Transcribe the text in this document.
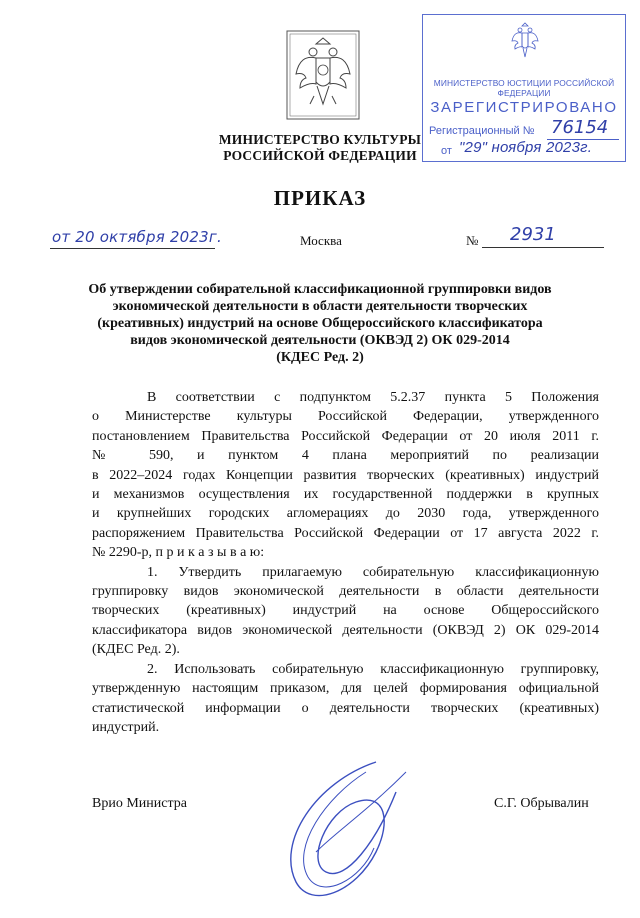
МИНИСТЕРСТВО КУЛЬТУРЫ
РОССИЙСКОЙ ФЕДЕРАЦИИ
МИНИСТЕРСТВО ЮСТИЦИИ РОССИЙСКОЙ ФЕДЕРАЦИИ
ЗАРЕГИСТРИРОВАНО
Регистрационный № 76154
от "29" ноября 2023г.
ПРИКАЗ
от 20 октября 2023г.	Москва	№ 2931
Об утверждении собирательной классификационной группировки видов
экономической деятельности в области деятельности творческих
(креативных) индустрий на основе Общероссийского классификатора
видов экономической деятельности (ОКВЭД 2) ОК 029-2014
(КДЕС Ред. 2)
В соответствии с подпунктом 5.2.37 пункта 5 Положения
о Министерстве культуры Российской Федерации, утвержденного
постановлением Правительства Российской Федерации от 20 июля 2011 г.
№ 590, и пунктом 4 плана мероприятий по реализации
в 2022–2024 годах Концепции развития творческих (креативных) индустрий
и механизмов осуществления их государственной поддержки в крупных
и крупнейших городских агломерациях до 2030 года, утвержденного
распоряжением Правительства Российской Федерации от 17 августа 2022 г.
№ 2290-р, п р и к а з ы в а ю:
1. Утвердить прилагаемую собирательную классификационную
группировку видов экономической деятельности в области деятельности
творческих (креативных) индустрий на основе Общероссийского
классификатора видов экономической деятельности (ОКВЭД 2) ОК 029-2014
(КДЕС Ред. 2).
2. Использовать собирательную классификационную группировку,
утвержденную настоящим приказом, для целей формирования официальной
статистической информации о деятельности творческих (креативных)
индустрий.
Врио Министра	С.Г. Обрывалин
